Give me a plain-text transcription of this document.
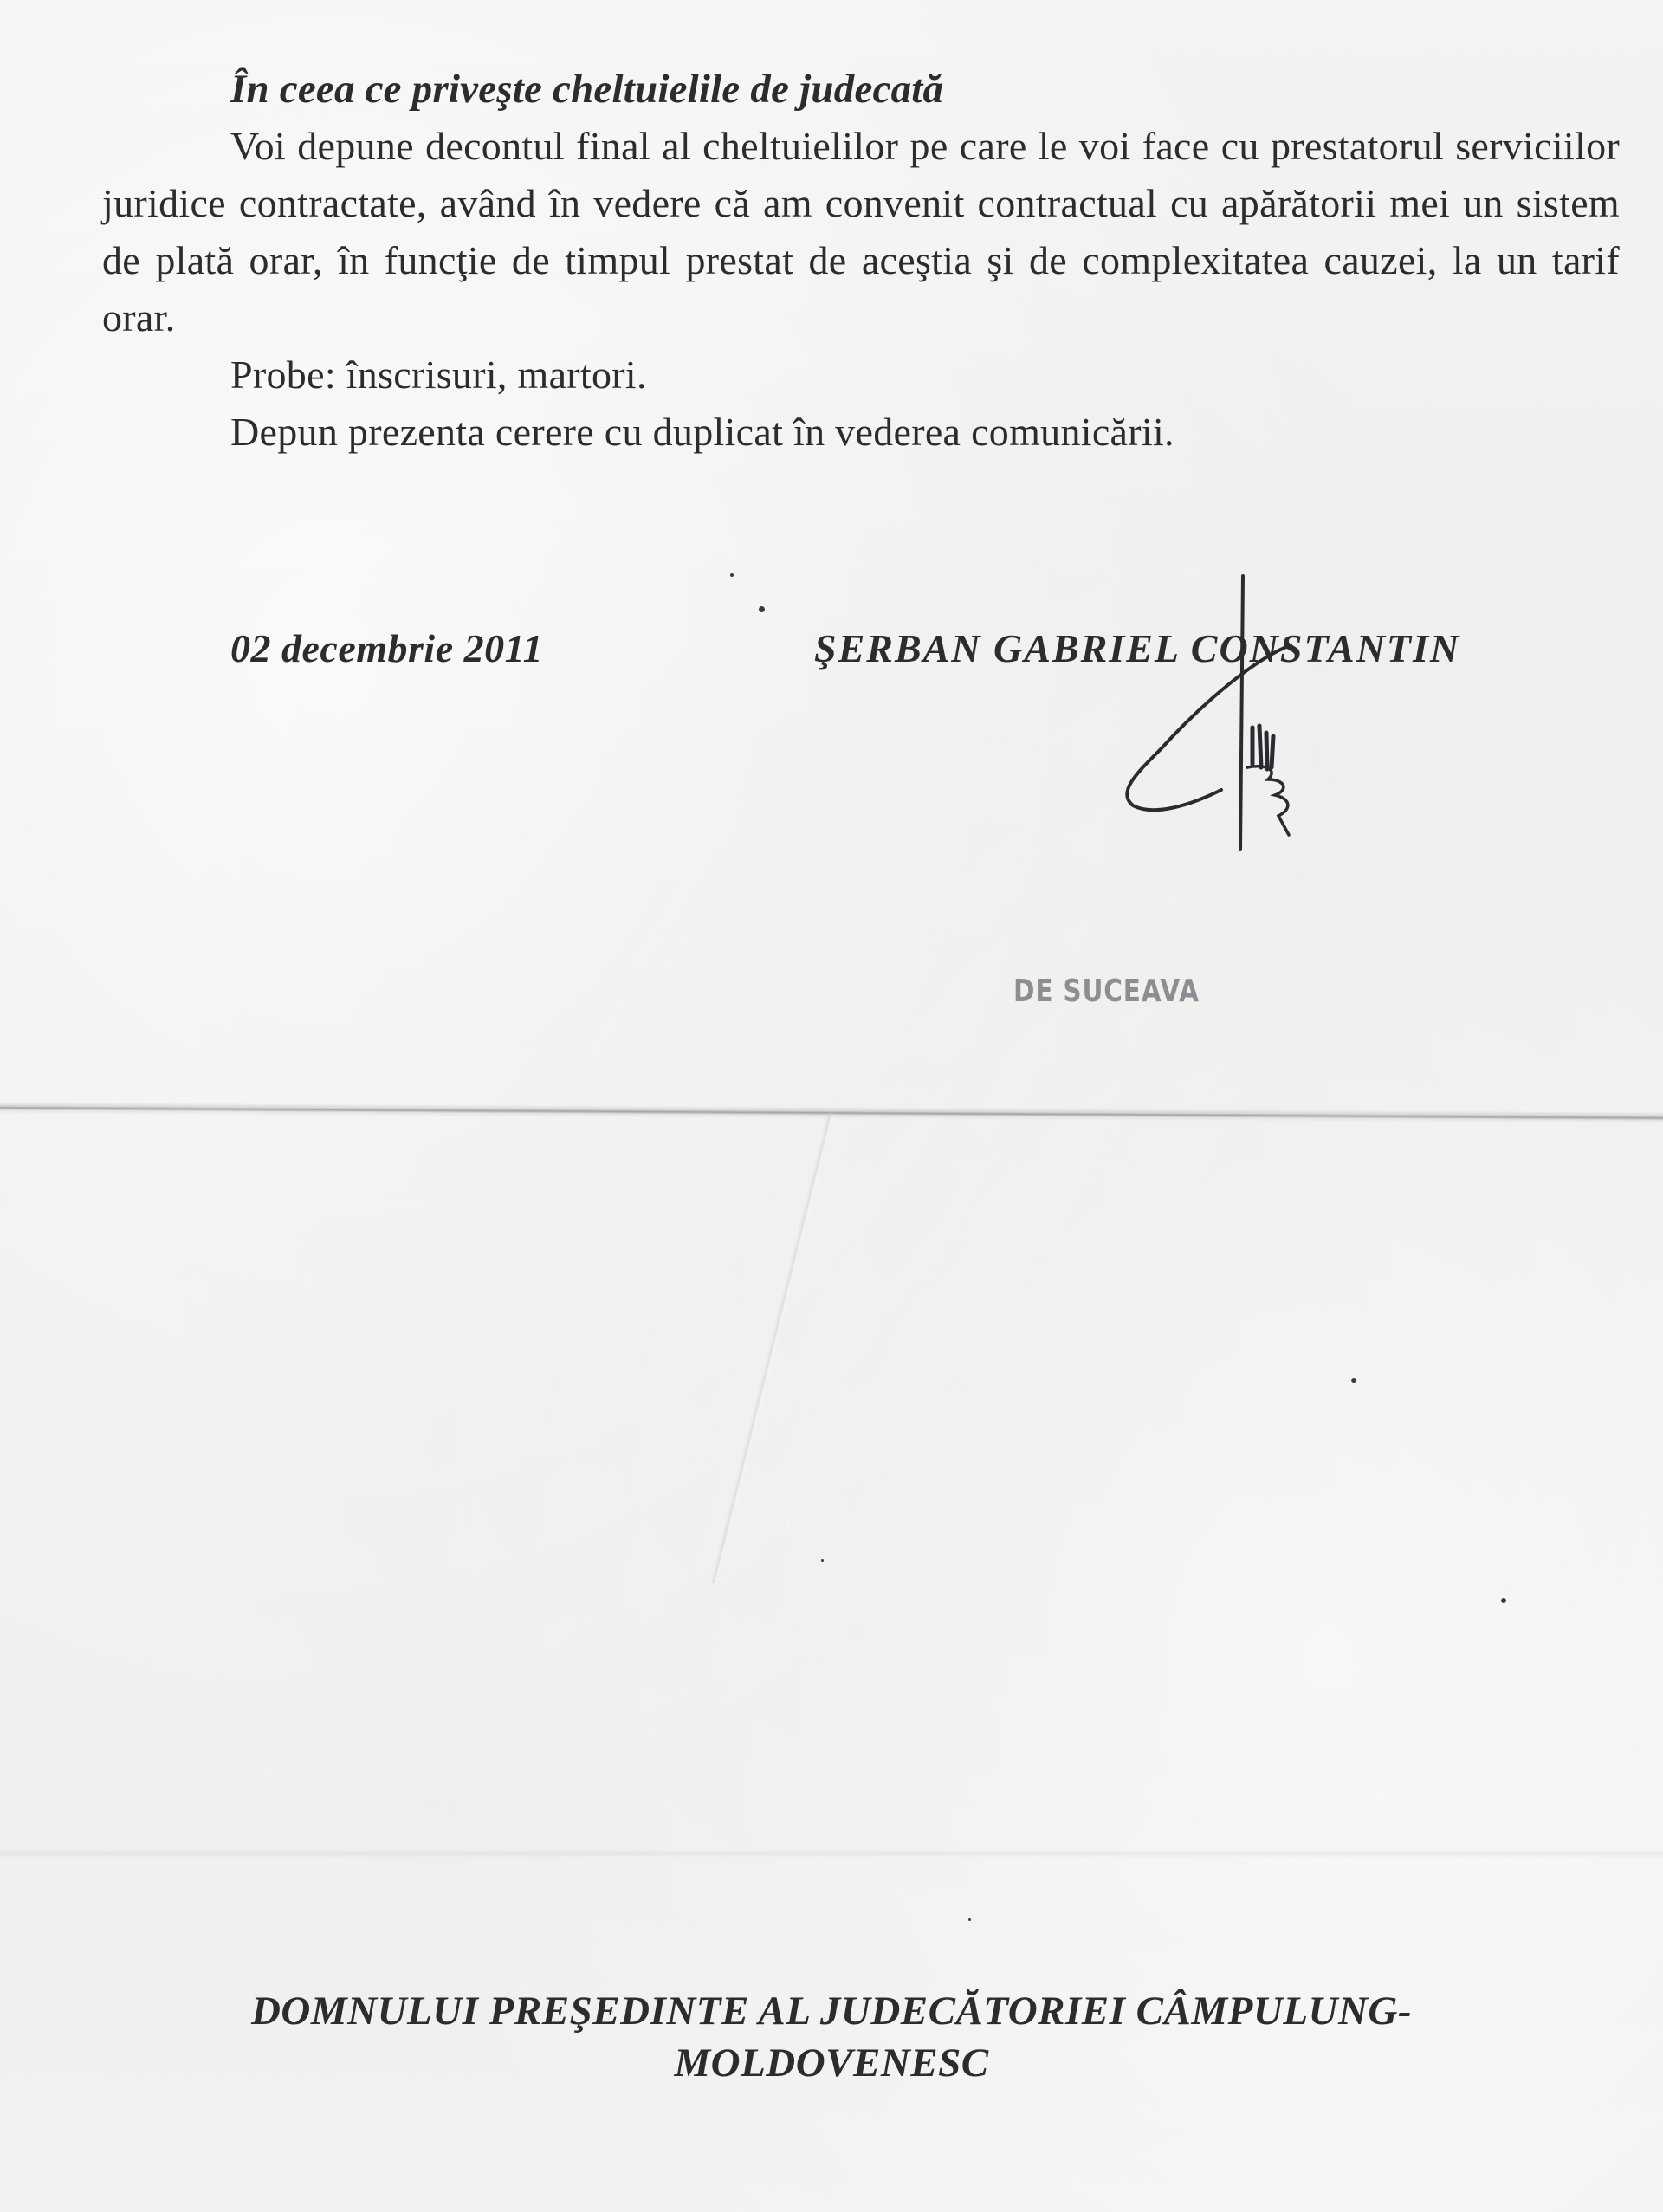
În ceea ce priveşte cheltuielile de judecată

Voi depune decontul final al cheltuielilor pe care le voi face cu prestatorul serviciilor juridice contractate, având în vedere că am convenit contractual cu apărătorii mei un sistem de plată orar, în funcţie de timpul prestat de aceştia şi de complexitatea cauzei, la un tarif orar.

Probe: înscrisuri, martori.

Depun prezenta cerere cu duplicat în vederea comunicării.

02 decembrie 2011	ŞERBAN GABRIEL CONSTANTIN
DE SUCEAVA
DOMNULUI PREŞEDINTE AL JUDECĂTORIEI CÂMPULUNG-
MOLDOVENESC
